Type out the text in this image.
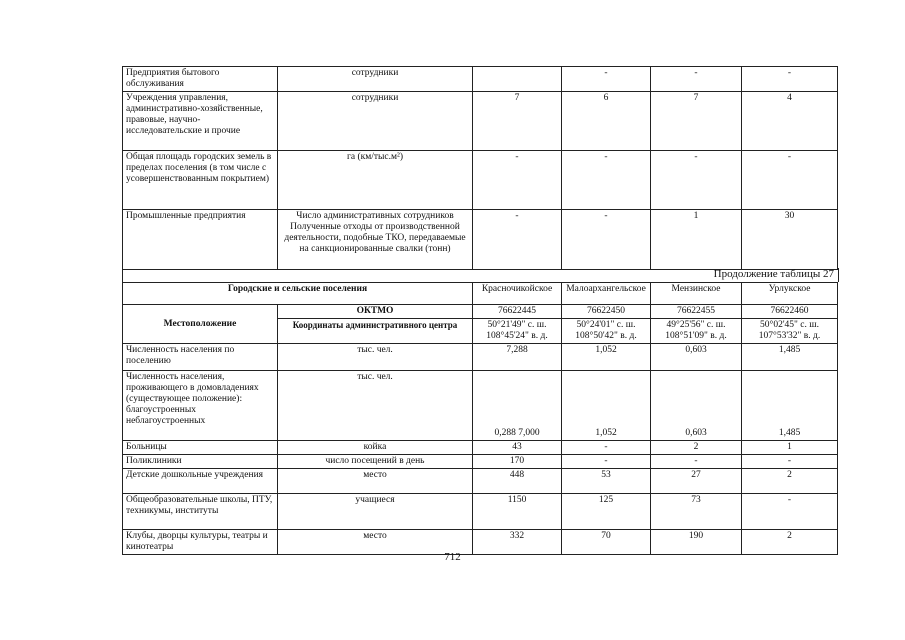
Предприятия бытового обслуживания	сотрудники		-	-	-
Учреждения управления, административно-хозяйственные, правовые, научно-исследовательские и прочие	сотрудники	7	6	7	4
Общая площадь городских земель в пределах поселения (в том числе с усовершенствованным покрытием)	га (км/тыс.м²)	-	-	-	-
Промышленные предприятия	Число административных сотрудников Полученные отходы от производственной деятельности, подобные ТКО, передаваемые на санкционированные свалки (тонн)	-	-	1	30
Продолжение таблицы 27
Городские и сельские поселения		Красночикойское	Малоархангельское	Мензинское	Урлукское
Местоположение	ОКТМО	76622445	76622450	76622455	76622460
	Координаты административного центра	50°21'49" с. ш. 108°45'24" в. д.	50°24'01" с. ш. 108°50'42" в. д.	49°25'56" с. ш. 108°51'09" в. д.	50°02'45" с. ш. 107°53'32" в. д.
Численность населения по поселению	тыс. чел.	7,288	1,052	0,603	1,485
Численность населения, проживающего в домовладениях (существующее положение): благоустроенных неблагоустроенных	тыс. чел.	0,288 7,000	1,052	0,603	1,485
Больницы	койка	43	-	2	1
Поликлиники	число посещений в день	170	-	-	-
Детские дошкольные учреждения	место	448	53	27	2
Общеобразовательные школы, ПТУ, техникумы, институты	учащиеся	1150	125	73	-
Клубы, дворцы культуры, театры и кинотеатры	место	332	70	190	2
712
